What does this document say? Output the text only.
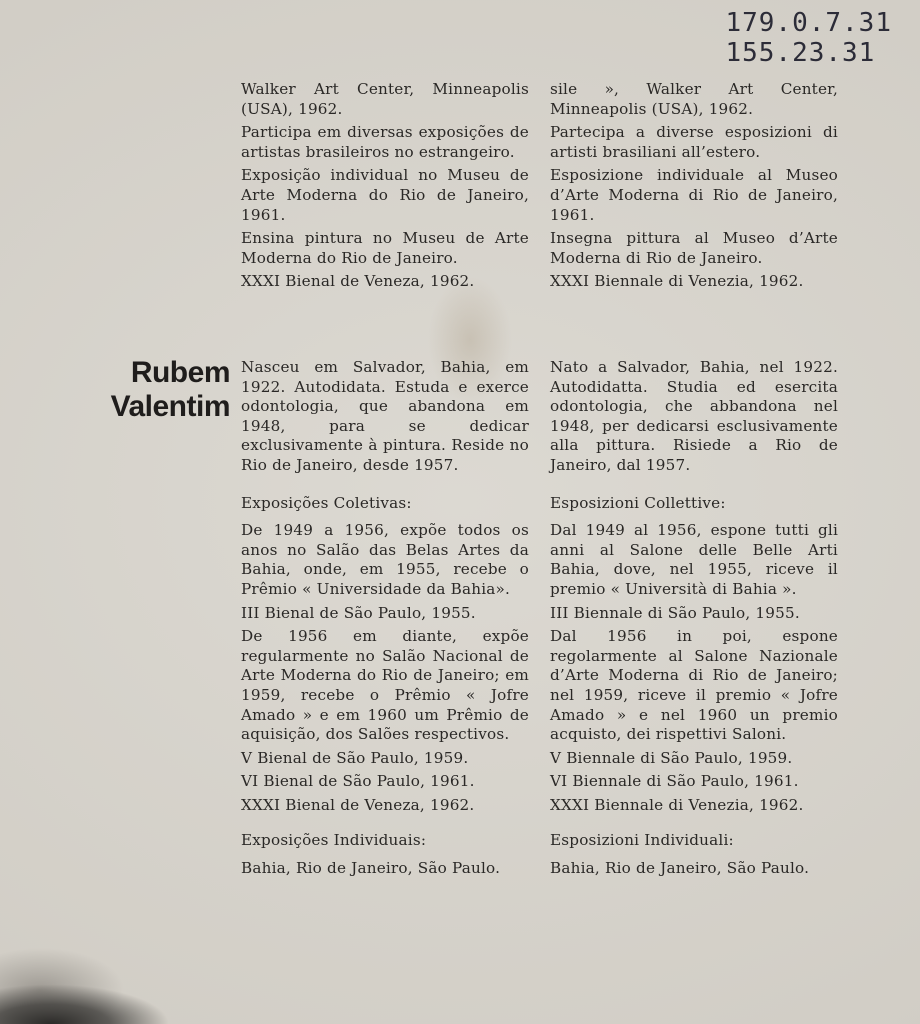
179.0.7.31
155.23.31

Walker Art Center, Minneapolis (USA), 1962.

Participa em diversas exposições de artistas brasileiros no estrangeiro.

Exposição individual no Museu de Arte Moderna do Rio de Janeiro, 1961.

Ensina pintura no Museu de Arte Moderna do Rio de Janeiro.

XXXI Bienal de Veneza, 1962.

sile », Walker Art Center, Minneapolis (USA), 1962.

Partecipa a diverse esposizioni di artisti brasiliani all’estero.

Esposizione individuale al Museo d’Arte Moderna di Rio de Janeiro, 1961.

Insegna pittura al Museo d’Arte Moderna di Rio de Janeiro.

XXXI Biennale di Venezia, 1962.

Rubem
Valentim

Nasceu em Salvador, Bahia, em 1922. Autodidata. Estuda e exerce odontologia, que abandona em 1948, para se dedicar exclusivamente à pintura. Reside no Rio de Janeiro, desde 1957.

Exposições Coletivas:

De 1949 a 1956, expõe todos os anos no Salão das Belas Artes da Bahia, onde, em 1955, recebe o Prêmio « Universidade da Bahia».

III Bienal de São Paulo, 1955.

De 1956 em diante, expõe regularmente no Salão Nacional de Arte Moderna do Rio de Janeiro; em 1959, recebe o Prêmio « Jofre Amado » e em 1960 um Prêmio de aquisição, dos Salões respectivos.

V Bienal de São Paulo, 1959.

VI Bienal de São Paulo, 1961.

XXXI Bienal de Veneza, 1962.

Exposições Individuais:

Bahia, Rio de Janeiro, São Paulo.

Nato a Salvador, Bahia, nel 1922. Autodidatta. Studia ed esercita odontologia, che abbandona nel 1948, per dedicarsi esclusivamente alla pittura. Risiede a Rio de Janeiro, dal 1957.

Esposizioni Collettive:

Dal 1949 al 1956, espone tutti gli anni al Salone delle Belle Arti Bahia, dove, nel 1955, riceve il premio « Università di Bahia ».

III Biennale di São Paulo, 1955.

Dal 1956 in poi, espone regolarmente al Salone Nazionale d’Arte Moderna di Rio de Janeiro; nel 1959, riceve il premio « Jofre Amado » e nel 1960 un premio acquisto, dei rispettivi Saloni.

V Biennale di São Paulo, 1959.

VI Biennale di São Paulo, 1961.

XXXI Biennale di Venezia, 1962.

Esposizioni Individuali:

Bahia, Rio de Janeiro, São Paulo.
